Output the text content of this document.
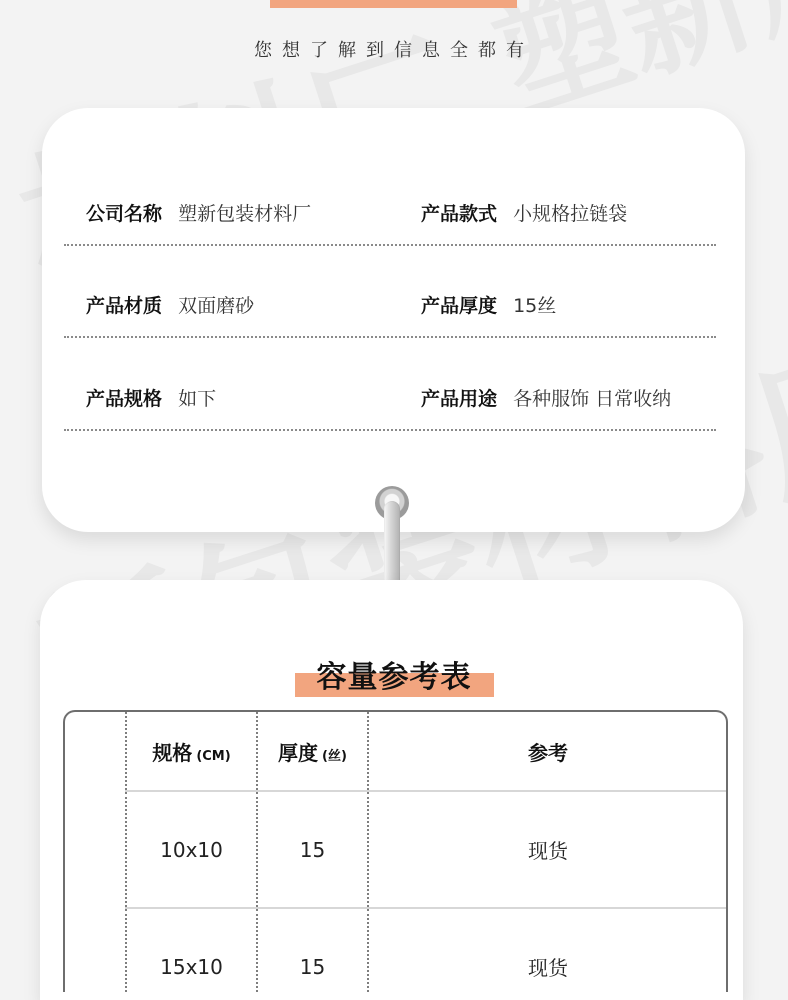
您想了解到信息全都有
公司名称 塑新包装材料厂	产品款式 小规格拉链袋
产品材质 双面磨砂	产品厚度 15丝
产品规格 如下	产品用途 各种服饰 日常收纳
容量参考表
规格 (CM)	厚度 (丝)	参考
10x10	15	现货
15x10	15	现货
